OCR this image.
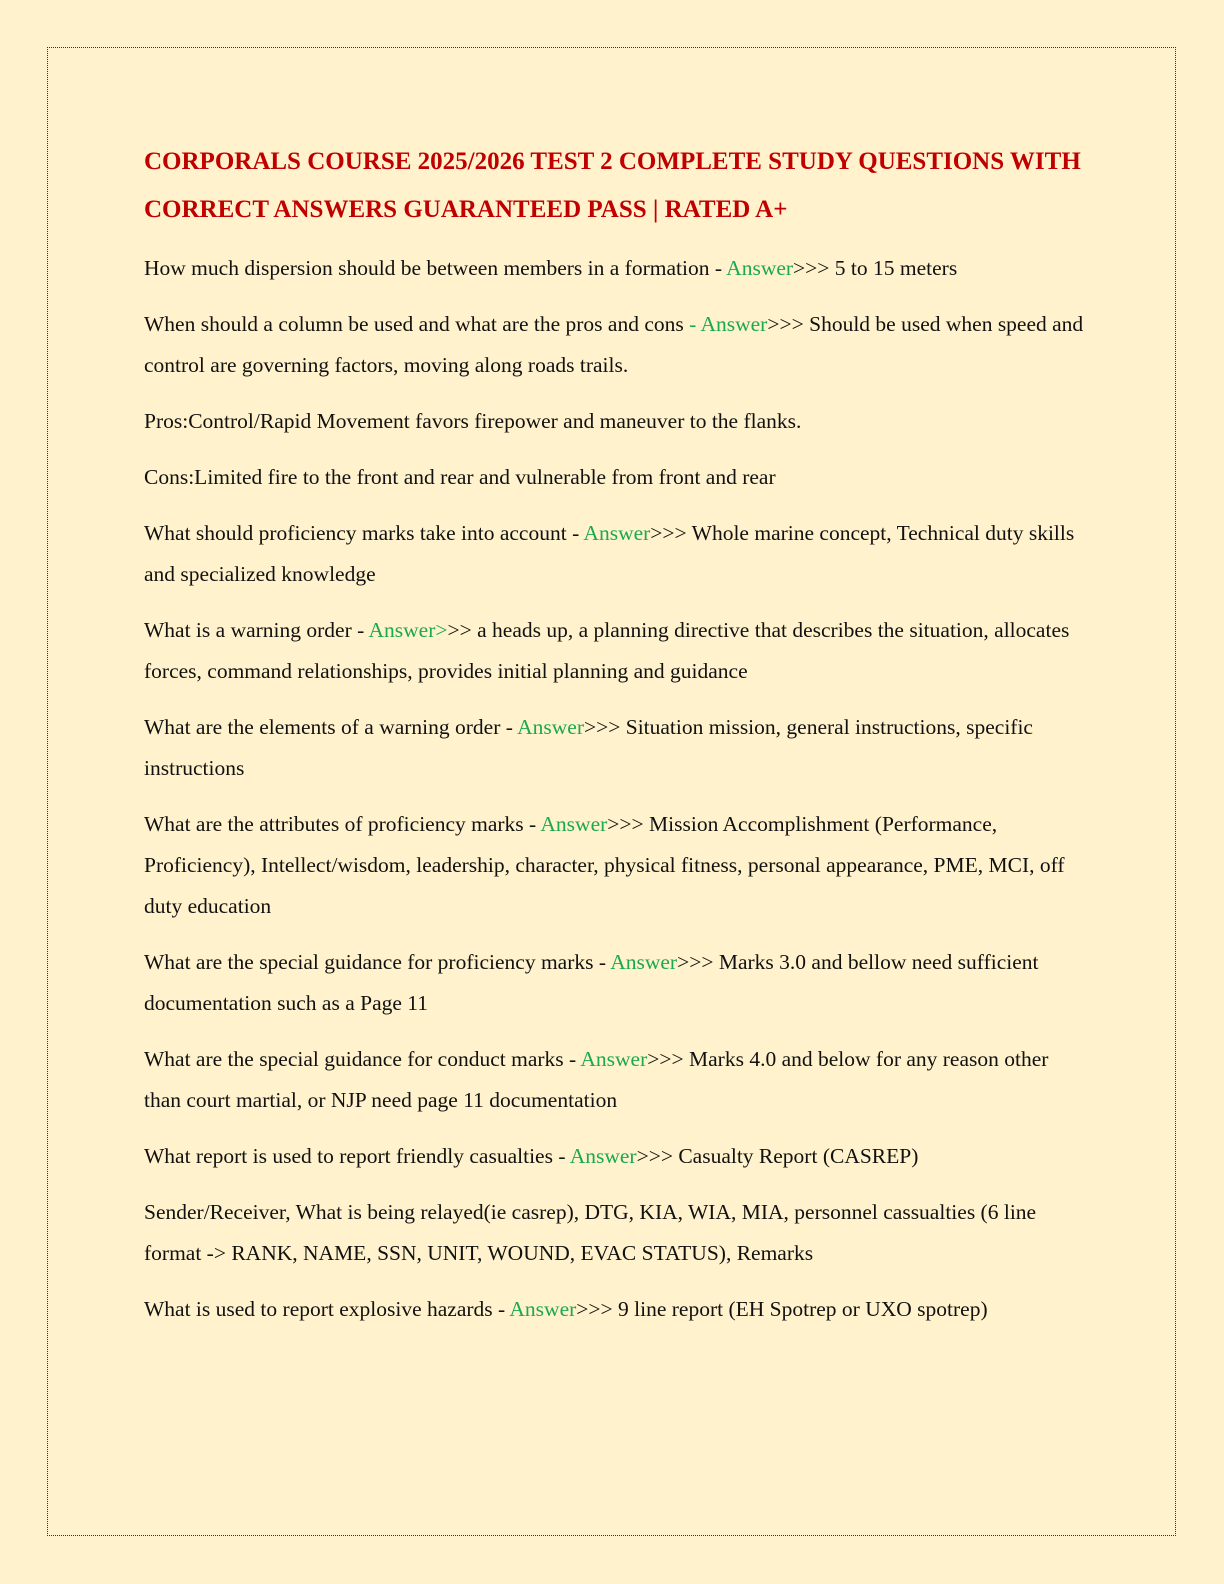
CORPORALS COURSE 2025/2026 TEST 2 COMPLETE STUDY QUESTIONS WITH CORRECT ANSWERS GUARANTEED PASS | RATED A+

How much dispersion should be between members in a formation - Answer>>> 5 to 15 meters

When should a column be used and what are the pros and cons - Answer>>> Should be used when speed and control are governing factors, moving along roads trails.

Pros:Control/Rapid Movement favors firepower and maneuver to the flanks.

Cons:Limited fire to the front and rear and vulnerable from front and rear

What should proficiency marks take into account - Answer>>> Whole marine concept, Technical duty skills and specialized knowledge

What is a warning order - Answer>>> a heads up, a planning directive that describes the situation, allocates forces, command relationships, provides initial planning and guidance

What are the elements of a warning order - Answer>>> Situation mission, general instructions, specific instructions

What are the attributes of proficiency marks - Answer>>> Mission Accomplishment (Performance, Proficiency), Intellect/wisdom, leadership, character, physical fitness, personal appearance, PME, MCI, off duty education

What are the special guidance for proficiency marks - Answer>>> Marks 3.0 and bellow need sufficient documentation such as a Page 11

What are the special guidance for conduct marks - Answer>>> Marks 4.0 and below for any reason other than court martial, or NJP need page 11 documentation

What report is used to report friendly casualties - Answer>>> Casualty Report (CASREP)

Sender/Receiver, What is being relayed(ie casrep), DTG, KIA, WIA, MIA, personnel cassualties (6 line format -> RANK, NAME, SSN, UNIT, WOUND, EVAC STATUS), Remarks

What is used to report explosive hazards - Answer>>> 9 line report (EH Spotrep or UXO spotrep)
